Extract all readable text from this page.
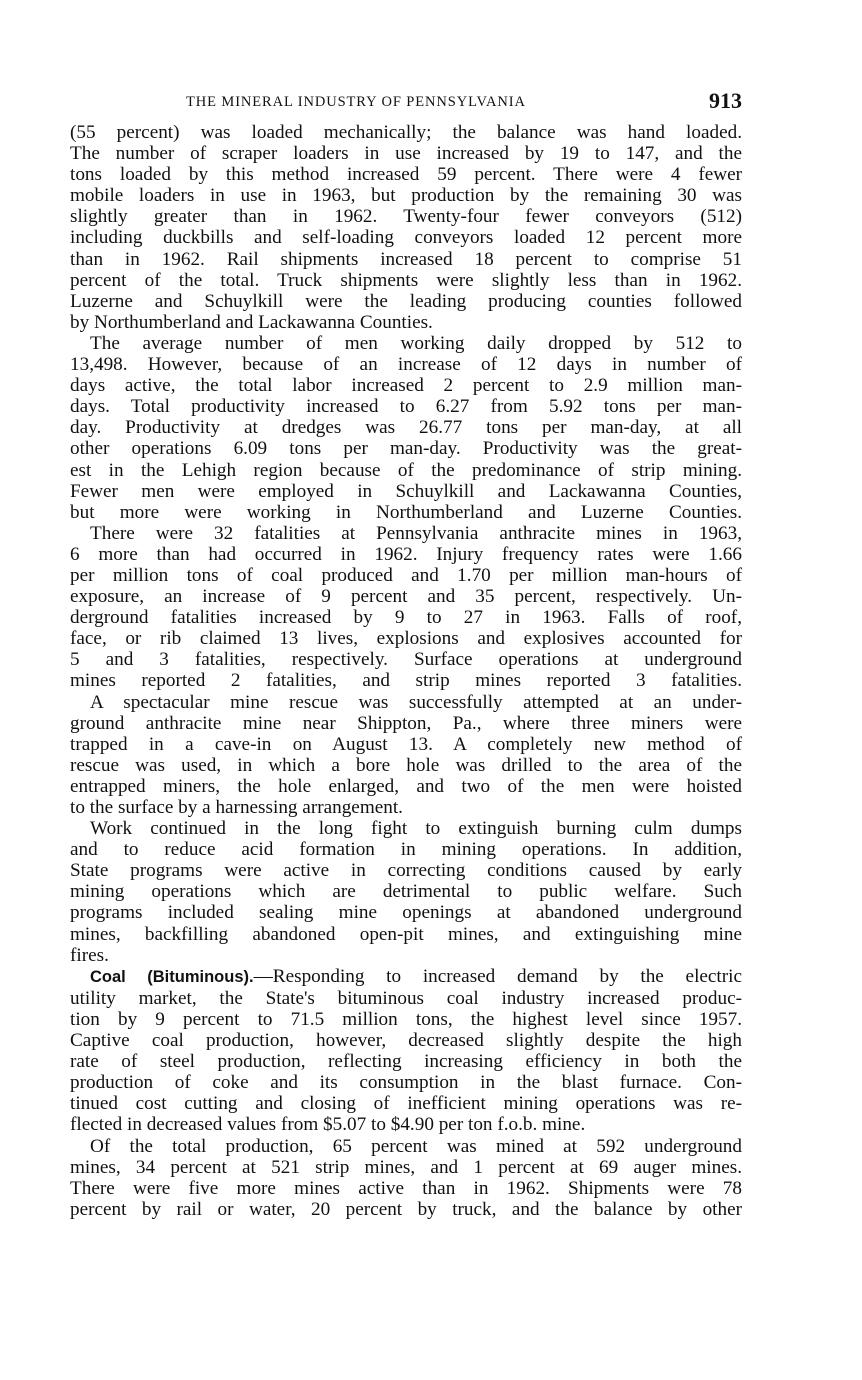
THE MINERAL INDUSTRY OF PENNSYLVANIA	913
(55 percent) was loaded mechanically; the balance was hand loaded.
The number of scraper loaders in use increased by 19 to 147, and the
tons loaded by this method increased 59 percent. There were 4 fewer
mobile loaders in use in 1963, but production by the remaining 30 was
slightly greater than in 1962. Twenty-four fewer conveyors (512)
including duckbills and self-loading conveyors loaded 12 percent more
than in 1962. Rail shipments increased 18 percent to comprise 51
percent of the total. Truck shipments were slightly less than in 1962.
Luzerne and Schuylkill were the leading producing counties followed
by Northumberland and Lackawanna Counties.
The average number of men working daily dropped by 512 to
13,498. However, because of an increase of 12 days in number of
days active, the total labor increased 2 percent to 2.9 million man-
days. Total productivity increased to 6.27 from 5.92 tons per man-
day. Productivity at dredges was 26.77 tons per man-day, at all
other operations 6.09 tons per man-day. Productivity was the great-
est in the Lehigh region because of the predominance of strip mining.
Fewer men were employed in Schuylkill and Lackawanna Counties,
but more were working in Northumberland and Luzerne Counties.
There were 32 fatalities at Pennsylvania anthracite mines in 1963,
6 more than had occurred in 1962. Injury frequency rates were 1.66
per million tons of coal produced and 1.70 per million man-hours of
exposure, an increase of 9 percent and 35 percent, respectively. Un-
derground fatalities increased by 9 to 27 in 1963. Falls of roof,
face, or rib claimed 13 lives, explosions and explosives accounted for
5 and 3 fatalities, respectively. Surface operations at underground
mines reported 2 fatalities, and strip mines reported 3 fatalities.
A spectacular mine rescue was successfully attempted at an under-
ground anthracite mine near Shippton, Pa., where three miners were
trapped in a cave-in on August 13. A completely new method of
rescue was used, in which a bore hole was drilled to the area of the
entrapped miners, the hole enlarged, and two of the men were hoisted
to the surface by a harnessing arrangement.
Work continued in the long fight to extinguish burning culm dumps
and to reduce acid formation in mining operations. In addition,
State programs were active in correcting conditions caused by early
mining operations which are detrimental to public welfare. Such
programs included sealing mine openings at abandoned underground
mines, backfilling abandoned open-pit mines, and extinguishing mine
fires.
Coal (Bituminous).—Responding to increased demand by the electric
utility market, the State's bituminous coal industry increased produc-
tion by 9 percent to 71.5 million tons, the highest level since 1957.
Captive coal production, however, decreased slightly despite the high
rate of steel production, reflecting increasing efficiency in both the
production of coke and its consumption in the blast furnace. Con-
tinued cost cutting and closing of inefficient mining operations was re-
flected in decreased values from $5.07 to $4.90 per ton f.o.b. mine.
Of the total production, 65 percent was mined at 592 underground
mines, 34 percent at 521 strip mines, and 1 percent at 69 auger mines.
There were five more mines active than in 1962. Shipments were 78
percent by rail or water, 20 percent by truck, and the balance by other
